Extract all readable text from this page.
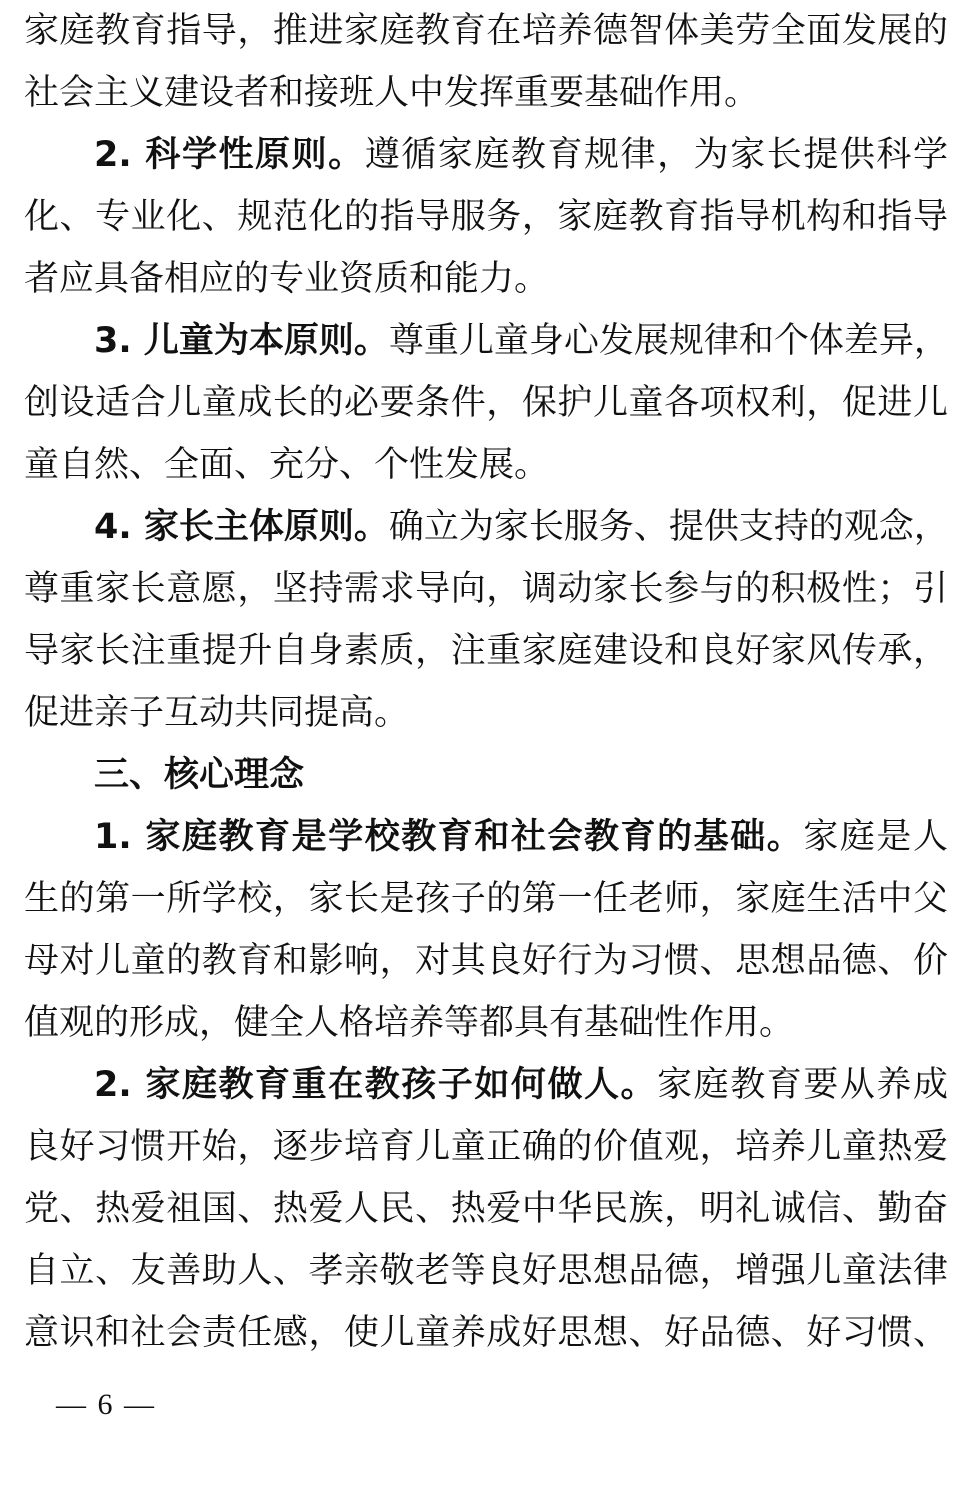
家庭教育指导，推进家庭教育在培养德智体美劳全面发展的
社会主义建设者和接班人中发挥重要基础作用。
2. 科学性原则。遵循家庭教育规律，为家长提供科学
化、专业化、规范化的指导服务，家庭教育指导机构和指导
者应具备相应的专业资质和能力。
3. 儿童为本原则。尊重儿童身心发展规律和个体差异，
创设适合儿童成长的必要条件，保护儿童各项权利，促进儿
童自然、全面、充分、个性发展。
4. 家长主体原则。确立为家长服务、提供支持的观念，
尊重家长意愿，坚持需求导向，调动家长参与的积极性；引
导家长注重提升自身素质，注重家庭建设和良好家风传承，
促进亲子互动共同提高。
三、核心理念
1. 家庭教育是学校教育和社会教育的基础。家庭是人
生的第一所学校，家长是孩子的第一任老师，家庭生活中父
母对儿童的教育和影响，对其良好行为习惯、思想品德、价
值观的形成，健全人格培养等都具有基础性作用。
2. 家庭教育重在教孩子如何做人。家庭教育要从养成
良好习惯开始，逐步培育儿童正确的价值观，培养儿童热爱
党、热爱祖国、热爱人民、热爱中华民族，明礼诚信、勤奋
自立、友善助人、孝亲敬老等良好思想品德，增强儿童法律
意识和社会责任感，使儿童养成好思想、好品德、好习惯、
— 6 —
